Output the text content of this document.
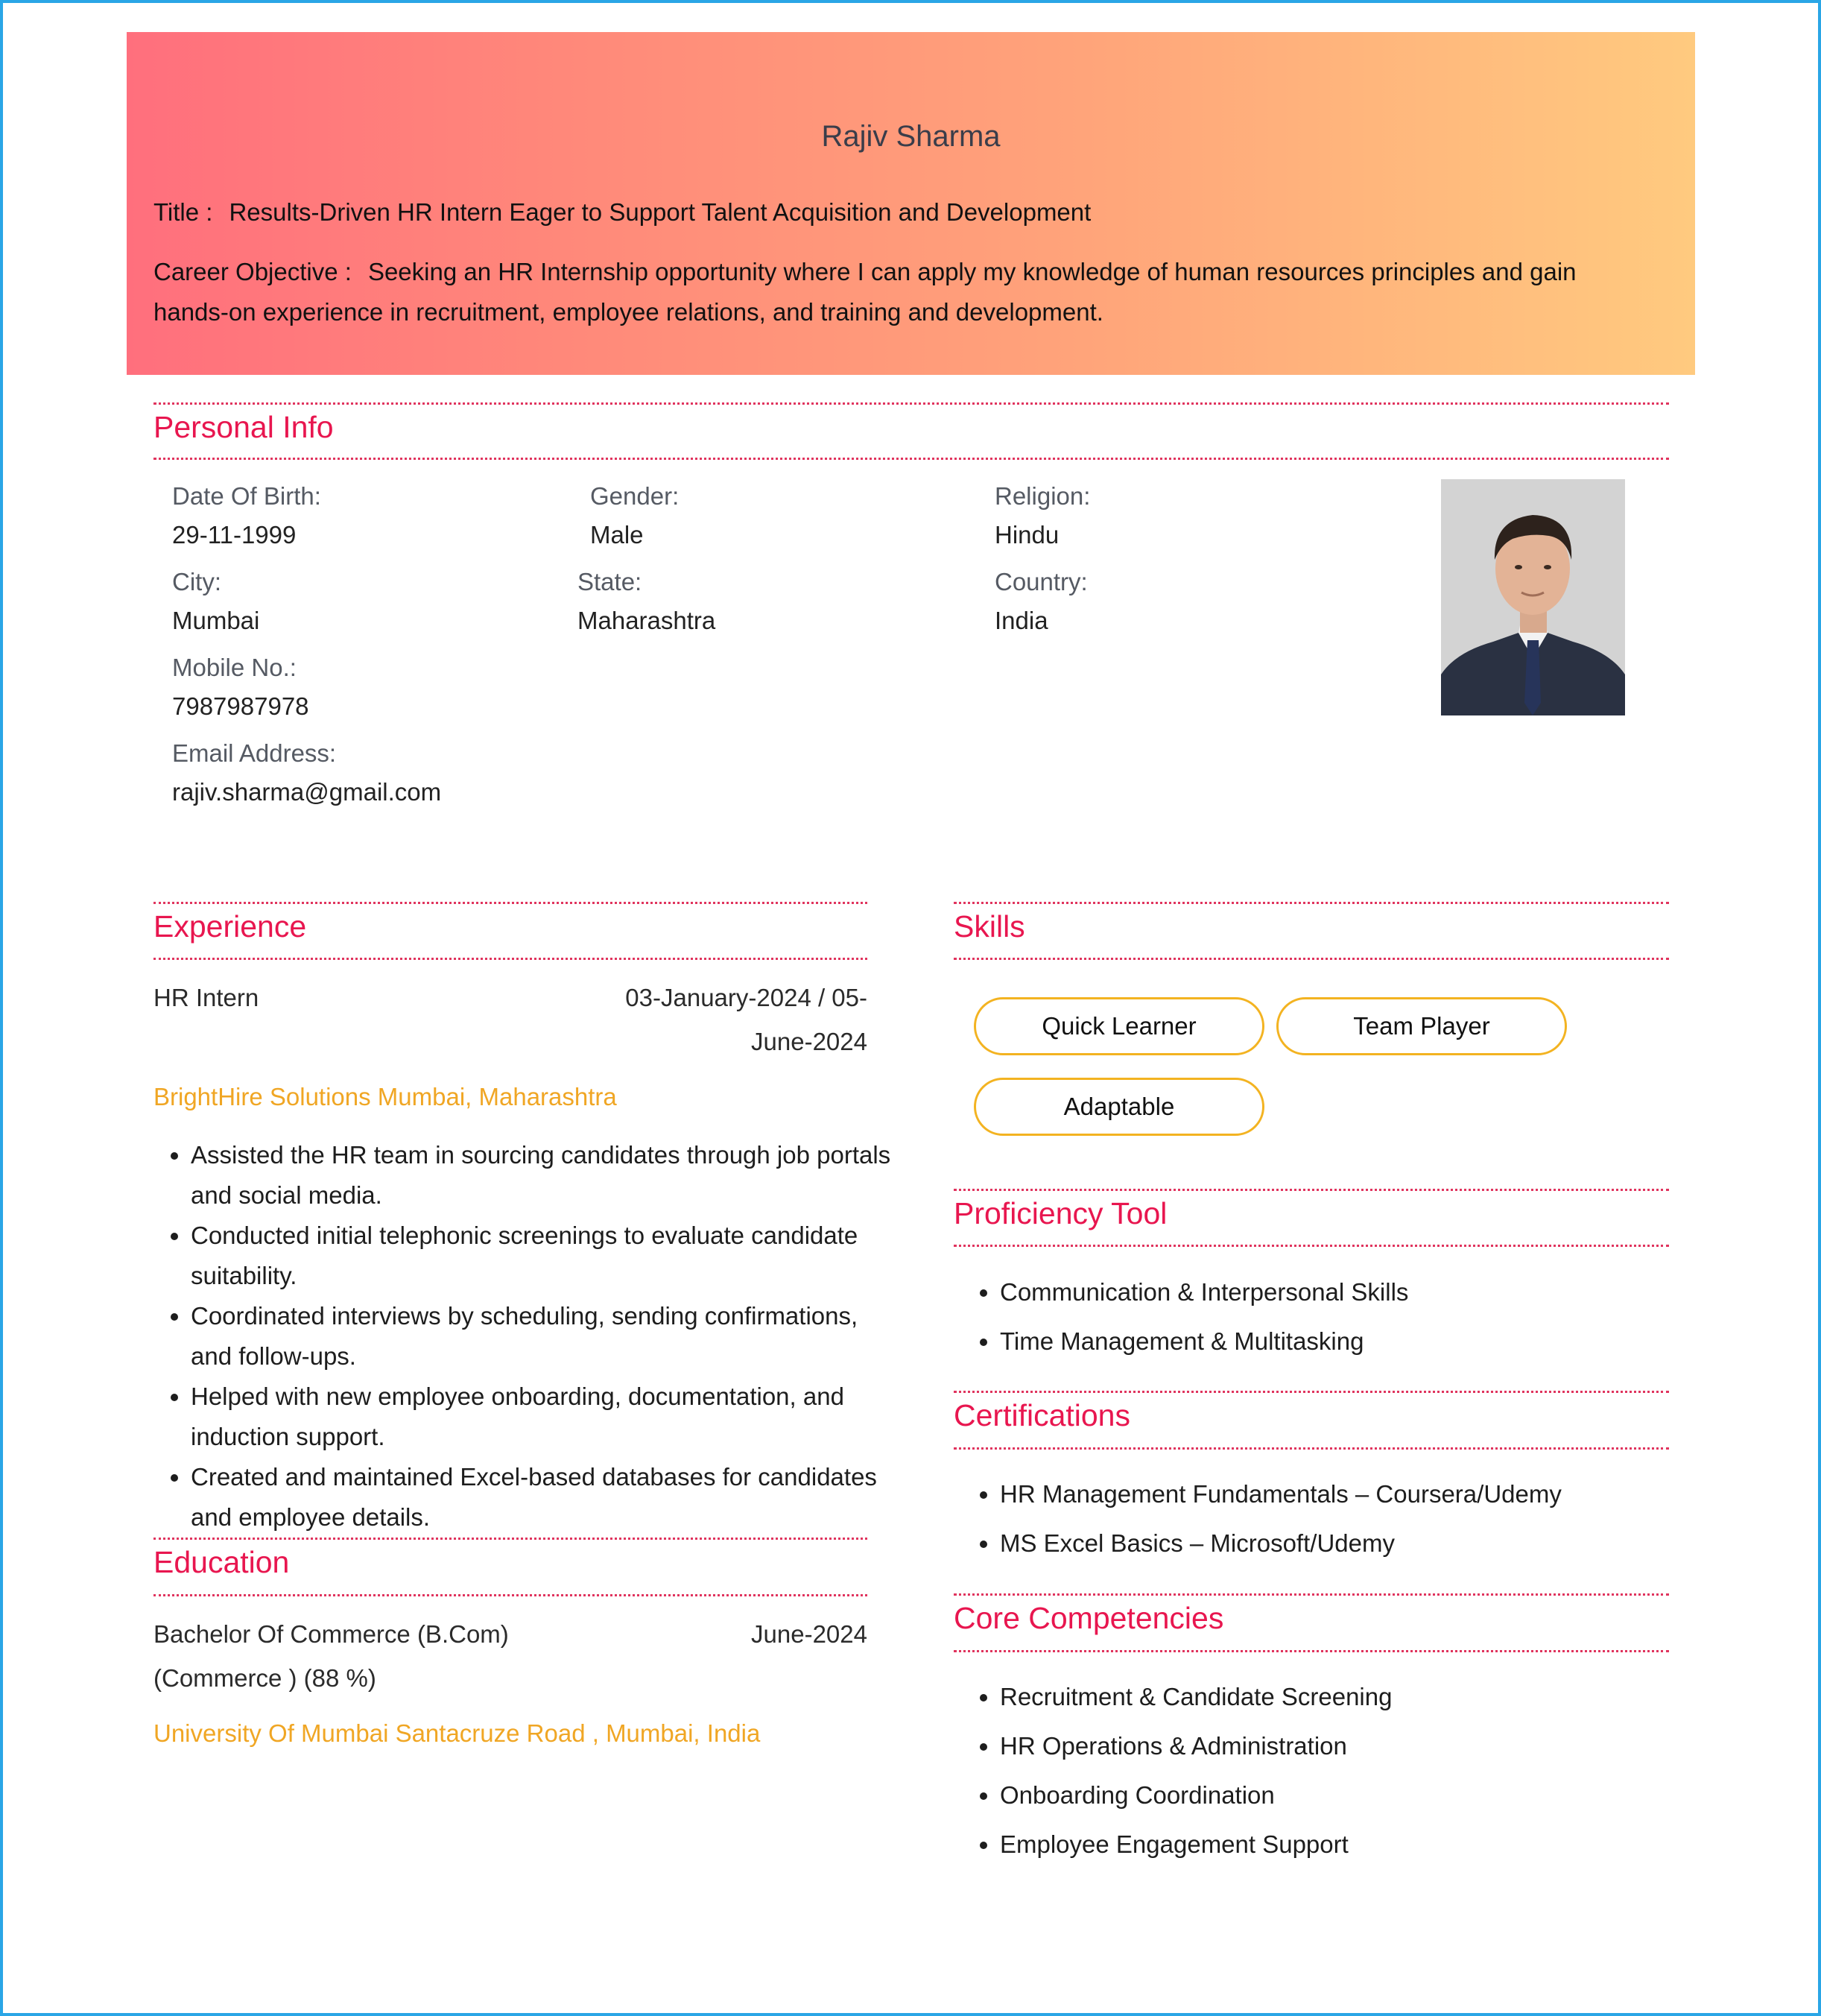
Rajiv Sharma
Title : Results-Driven HR Intern Eager to Support Talent Acquisition and Development
Career Objective : Seeking an HR Internship opportunity where I can apply my knowledge of human resources principles and gain hands-on experience in recruitment, employee relations, and training and development.
Personal Info
Date Of Birth:
29-11-1999
Gender:
Male
Religion:
Hindu
City:
Mumbai
State:
Maharashtra
Country:
India
Mobile No.:
7987987978
Email Address:
rajiv.sharma@gmail.com
Experience
HR Intern	03-January-2024 / 05-
June-2024
BrightHire Solutions Mumbai, Maharashtra
• Assisted the HR team in sourcing candidates through job portals and social media.
• Conducted initial telephonic screenings to evaluate candidate suitability.
• Coordinated interviews by scheduling, sending confirmations, and follow-ups.
• Helped with new employee onboarding, documentation, and induction support.
• Created and maintained Excel-based databases for candidates and employee details.
Education
Bachelor Of Commerce (B.Com)
(Commerce ) (88 %)
June-2024
University Of Mumbai Santacruze Road , Mumbai, India
Skills
Quick Learner	Team Player
Adaptable
Proficiency Tool
• Communication & Interpersonal Skills
• Time Management & Multitasking
Certifications
• HR Management Fundamentals – Coursera/Udemy
• MS Excel Basics – Microsoft/Udemy
Core Competencies
• Recruitment & Candidate Screening
• HR Operations & Administration
• Onboarding Coordination
• Employee Engagement Support
